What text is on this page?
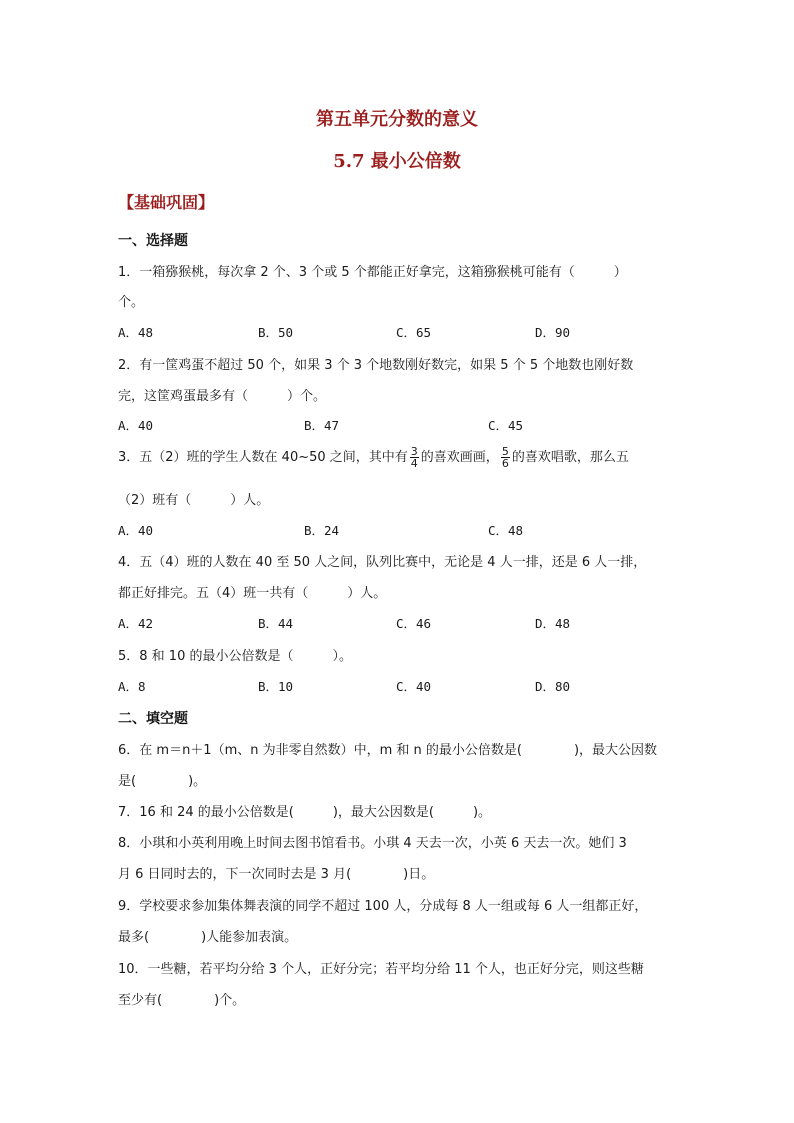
第五单元分数的意义
5.7 最小公倍数
【基础巩固】
一、选择题
1．一箱猕猴桃，每次拿 2 个、3 个或 5 个都能正好拿完，这箱猕猴桃可能有（　　　）
个。
A．48	B．50	C．65	D．90
2．有一筐鸡蛋不超过 50 个，如果 3 个 3 个地数刚好数完，如果 5 个 5 个地数也刚好数
完，这筐鸡蛋最多有（　　　）个。
A．40	B．47	C．45
3．五（2）班的学生人数在 40~50 之间，其中有 $\frac{3}{4}$ 的喜欢画画， $\frac{5}{6}$ 的喜欢唱歌，那么五
（2）班有（　　　）人。
A．40	B．24	C．48
4．五（4）班的人数在 40 至 50 人之间，队列比赛中，无论是 4 人一排，还是 6 人一排，
都正好排完。五（4）班一共有（　　　）人。
A．42	B．44	C．46	D．48
5．8 和 10 的最小公倍数是（　　　）。
A．8	B．10	C．40	D．80
二、填空题
6．在 m＝n＋1（m、n 为非零自然数）中，m 和 n 的最小公倍数是(　　　　)，最大公因数
是(　　　　)。
7．16 和 24 的最小公倍数是(　　　)，最大公因数是(　　　)。
8．小琪和小英利用晚上时间去图书馆看书。小琪 4 天去一次，小英 6 天去一次。她们 3
月 6 日同时去的，下一次同时去是 3 月(　　　　)日。
9．学校要求参加集体舞表演的同学不超过 100 人，分成每 8 人一组或每 6 人一组都正好，
最多(　　　　)人能参加表演。
10．一些糖，若平均分给 3 个人，正好分完；若平均分给 11 个人，也正好分完，则这些糖
至少有(　　　　)个。
